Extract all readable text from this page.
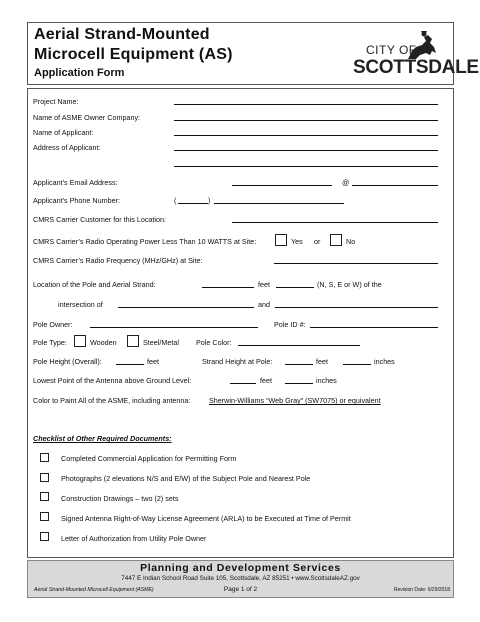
Aerial Strand-Mounted
Microcell Equipment (AS)
Application Form
CITY OF
SCOTTSDALE
Project Name:
Name of ASME Owner Company:
Name of Applicant:
Address of Applicant:
Applicant’s Email Address:	@
Applicant’s Phone Number:	(	)
CMRS Carrier Customer for this Location:
CMRS Carrier’s Radio Operating Power Less Than 10 WATTS at Site:	Yes or	No
CMRS Carrier’s Radio Frequency (MHz/GHz) at Site:
Location of the Pole and Aerial Strand:	feet	(N, S, E or W) of the
intersection of	and
Pole Owner:	Pole ID #:
Pole Type:	Wooden	Steel/Metal Pole Color:
Pole Height (Overall):	feet	Strand Height at Pole:	feet	inches
Lowest Point of the Antenna above Ground Level:	feet	inches
Color to Paint All of the ASME, including antenna:	Sherwin-Williams “Web Gray” (SW7075) or equivalent
Checklist of Other Required Documents:
Completed Commercial Application for Permitting Form
Photographs (2 elevations N/S and E/W) of the Subject Pole and Nearest Pole
Construction Drawings – two (2) sets
Signed Antenna Right-of-Way License Agreement (ARLA) to be Executed at Time of Permit
Letter of Authorization from Utility Pole Owner
Planning and Development Services
7447 E Indian School Road Suite 105, Scottsdale, AZ 85251 • www.ScottsdaleAZ.gov
Aerial Strand-Mounted Microcell Equipment (ASME)	Page 1 of 2	Revision Date: 6/29/2018
